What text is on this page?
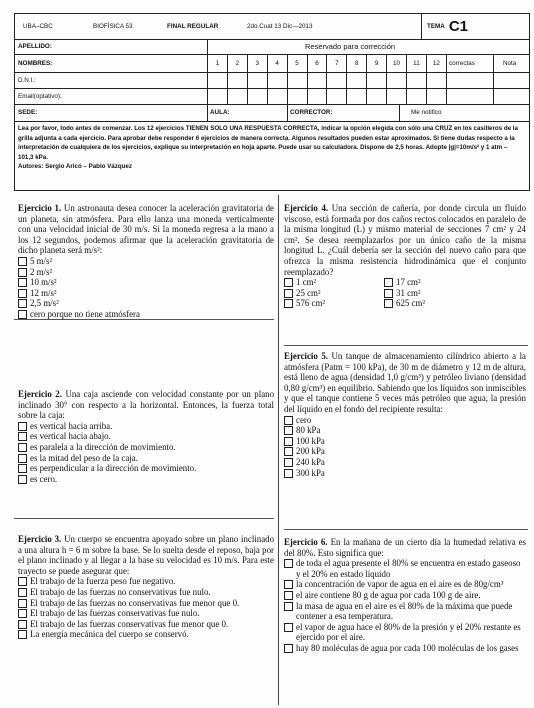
UBA–CBC	BIOFÍSICA 53	FINAL REGULAR	2do.Cuat 13 Dic—2013	TEMA C1
APELLIDO:	Reservado para corrección
NOMBRES:	1	2	3	4	5	6	7	8	9	10	11	12	correctas	Nota
D.N.I.:
Email(optativo):
SEDE:	AULA:	CORRECTOR:	Me notifico
Lea por favor, todo antes de comenzar. Los 12 ejercicios TIENEN SOLO UNA RESPUESTA CORRECTA, indicar la opción elegida con sólo una CRUZ en los casilleros de la grilla adjunta a cada ejercicio. Para aprobar debe responder 6 ejercicios de manera correcta. Algunos resultados pueden estar aproximados. Si tiene dudas respecto a la interpretación de cualquiera de los ejercicios, explique su interpretación en hoja aparte. Puede usar su calculadora. Dispone de 2,5 horas. Adopte |g|=10m/s² y 1 atm – 101,3 kPa.
Autores: Sergio Aricó – Pablo Vázquez

Ejercicio 1. Un astronauta desea conocer la aceleración gravitatoria de un planeta, sin atmósfera. Para ello lanza una moneda verticalmente con una velocidad inicial de 30 m/s. Si la moneda regresa a la mano a los 12 segundos, podemos afirmar que la aceleración gravitatoria de dicho planeta será m/s²:

5 m/s²
2 m/s²
10 m/s²
12 m/s²
2,5 m/s²
cero porque no tiene atmósfera

Ejercicio 2. Una caja asciende con velocidad constante por un plano inclinado 30° con respecto a la horizontal. Entonces, la fuerza total sobre la caja:

es vertical hacia arriba.
es vertical hacia abajo.
es paralela a la dirección de movimiento.
es la mitad del peso de la caja.
es perpendicular a la dirección de movimiento.
es cero.

Ejercicio 3. Un cuerpo se encuentra apoyado sobre un plano inclinado a una altura h = 6 m sobre la base. Se lo suelta desde el reposo, baja por el plano inclinado y al llegar a la base su velocidad es 10 m/s. Para este trayecto se puede asegurar que:

El trabajo de la fuerza peso fue negativo.
El trabajo de las fuerzas no conservativas fue nulo.
El trabajo de las fuerzas no conservativas fue menor que 0.
El trabajo de las fuerzas conservativas fue nulo.
El trabajo de las fuerzas conservativas fue menor que 0.
La energía mecánica del cuerpo se conservó.

Ejercicio 4. Una sección de cañería, por donde circula un fluido viscoso, está formada por dos caños rectos colocados en paralelo de la misma longitud (L) y mismo material de secciones 7 cm² y 24 cm². Se desea reemplazarlos por un único caño de la misma longitud L. ¿Cuál debería ser la sección del nuevo caño para que ofrezca la misma resistencia hidrodinámica que el conjunto reemplazado?

1 cm²	17 cm²
25 cm²	31 cm²
576 cm²	625 cm²

Ejercicio 5. Un tanque de almacenamiento cilíndrico abierto a la atmósfera (Patm = 100 kPa), de 30 m de diámetro y 12 m de altura, está lleno de agua (densidad 1,0 g/cm³) y petróleo liviano (densidad 0,80 g/cm³) en equilibrio. Sabiendo que los líquidos son inmiscibles y que el tanque contiene 5 veces más petróleo que agua, la presión del líquido en el fondo del recipiente resulta:

cero
80 kPa
100 kPa
200 kPa
240 kPa
300 kPa

Ejercicio 6. En la mañana de un cierto día la humedad relativa es del 80%. Esto significa que:

de toda el agua presente el 80% se encuentra en estado gaseoso y el 20% en estado líquido
la concentración de vapor de agua en el aire es de 80g/cm³
el aire contiene 80 g de agua por cada 100 g de aire.
la masa de agua en el aire es el 80% de la máxima que puede contener a esa temperatura.
el vapor de agua hace el 80% de la presión y el 20% restante es ejercido por el aire.
hay 80 moléculas de agua por cada 100 moléculas de los gases
